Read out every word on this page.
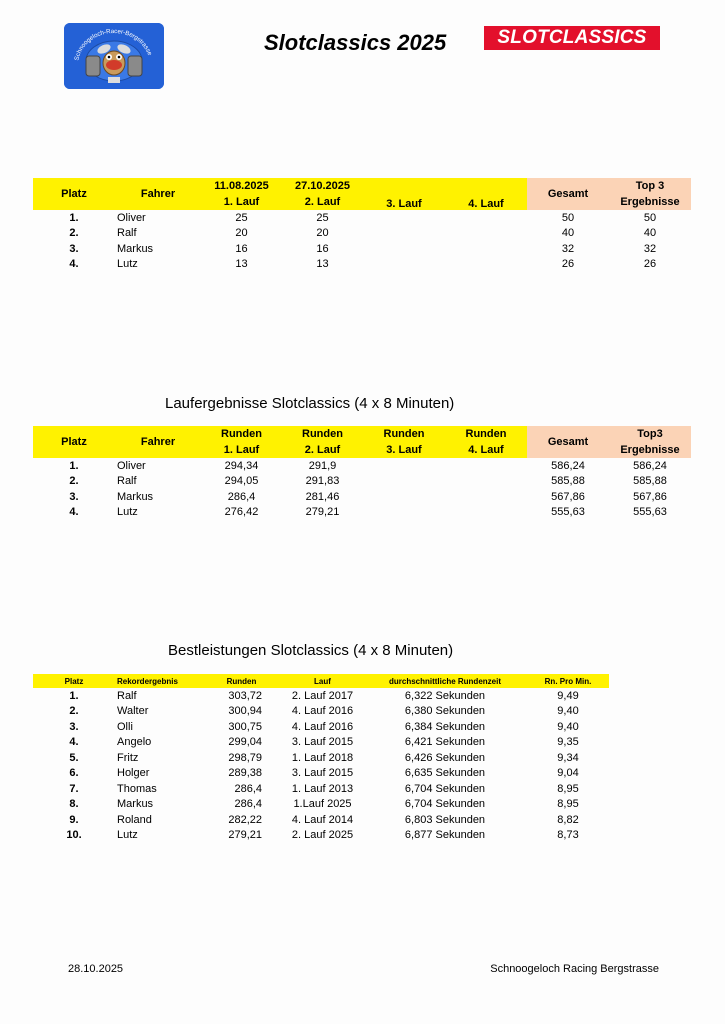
Schnoogeloch-Racer-Bergstrasse	Slotclassics 2025	SLOTCLASSICS
Platz	Fahrer	11.08.2025	27.10.2025	3. Lauf	4. Lauf	Gesamt	Top 3
		1. Lauf	2. Lauf				Ergebnisse
1.	Oliver	25	25			50	50
2.	Ralf	20	20			40	40
3.	Markus	16	16			32	32
4.	Lutz	13	13			26	26
Laufergebnisse Slotclassics (4 x 8 Minuten)
Platz	Fahrer	Runden	Runden	Runden	Runden	Gesamt	Top3
		1. Lauf	2. Lauf	3. Lauf	4. Lauf		Ergebnisse
1.	Oliver	294,34	291,9			586,24	586,24
2.	Ralf	294,05	291,83			585,88	585,88
3.	Markus	286,4	281,46			567,86	567,86
4.	Lutz	276,42	279,21			555,63	555,63
Bestleistungen Slotclassics (4 x 8 Minuten)
Platz	Rekordergebnis	Runden	Lauf	durchschnittliche Rundenzeit	Rn. Pro Min.
1.	Ralf	303,72	2. Lauf 2017	6,322 Sekunden	9,49
2.	Walter	300,94	4. Lauf 2016	6,380 Sekunden	9,40
3.	Olli	300,75	4. Lauf 2016	6,384 Sekunden	9,40
4.	Angelo	299,04	3. Lauf 2015	6,421 Sekunden	9,35
5.	Fritz	298,79	1. Lauf 2018	6,426 Sekunden	9,34
6.	Holger	289,38	3. Lauf 2015	6,635 Sekunden	9,04
7.	Thomas	286,4	1. Lauf 2013	6,704 Sekunden	8,95
8.	Markus	286,4	1.Lauf 2025	6,704 Sekunden	8,95
9.	Roland	282,22	4. Lauf 2014	6,803 Sekunden	8,82
10.	Lutz	279,21	2. Lauf 2025	6,877 Sekunden	8,73
28.10.2025	Schnoogeloch Racing Bergstrasse
